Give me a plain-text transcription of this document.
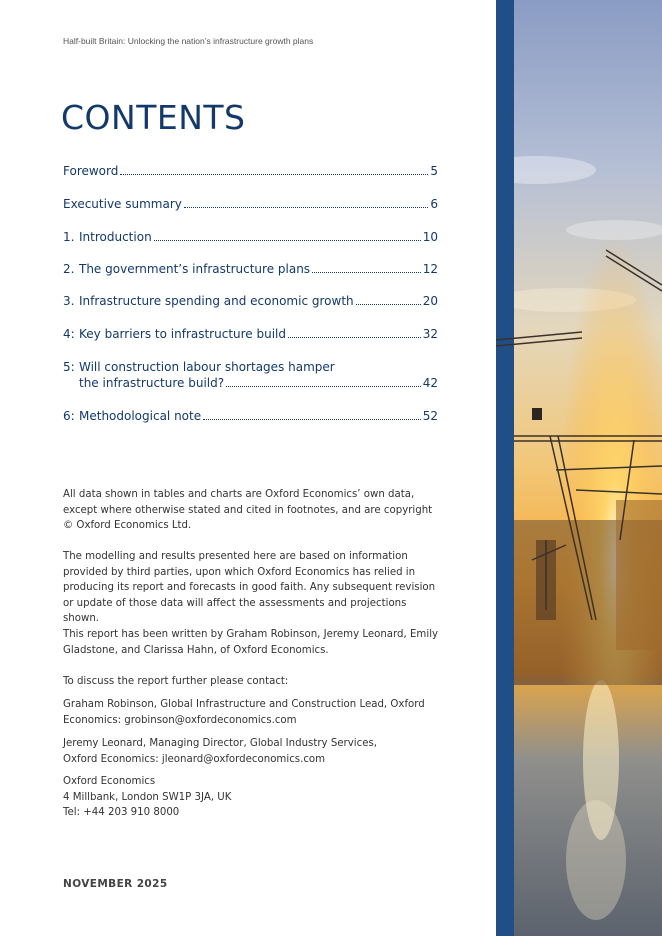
Half-built Britain: Unlocking the nation’s infrastructure growth plans
CONTENTS
Foreword	5
Executive summary	6
1. Introduction	10
2. The government’s infrastructure plans	12
3. Infrastructure spending and economic growth	20
4: Key barriers to infrastructure build	32
5: Will construction labour shortages hamper
the infrastructure build?	42
6: Methodological note	52

All data shown in tables and charts are Oxford Economics’ own data, except where otherwise stated and cited in footnotes, and are copyright © Oxford Economics Ltd.

The modelling and results presented here are based on information provided by third parties, upon which Oxford Economics has relied in producing its report and forecasts in good faith. Any subsequent revision or update of those data will affect the assessments and projections shown.

This report has been written by Graham Robinson, Jeremy Leonard, Emily Gladstone, and Clarissa Hahn, of Oxford Economics.

To discuss the report further please contact:

Graham Robinson, Global Infrastructure and Construction Lead, Oxford Economics: grobinson@oxfordeconomics.com

Jeremy Leonard, Managing Director, Global Industry Services,
Oxford Economics: jleonard@oxfordeconomics.com
Oxford Economics
4 Millbank, London SW1P 3JA, UK
Tel: +44 203 910 8000
NOVEMBER 2025
